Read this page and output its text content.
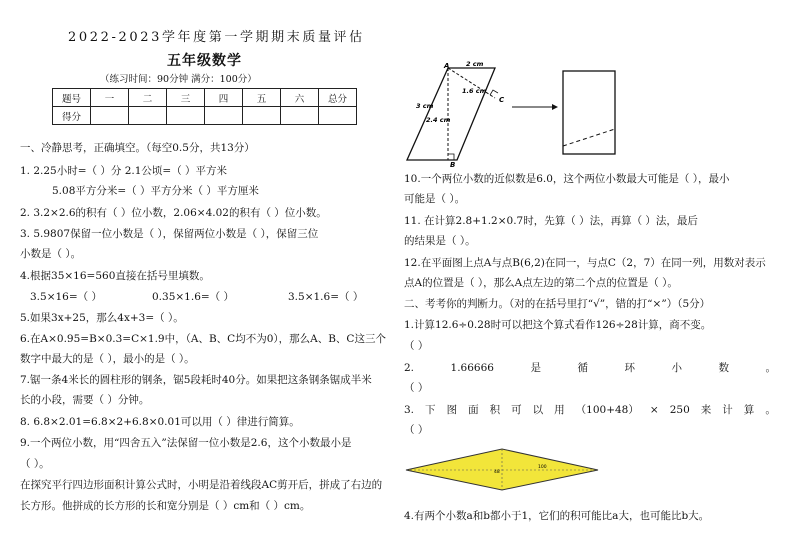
2022-2023学年度第一学期期末质量评估
五年级数学
（练习时间：90分钟 满分：100分）
题号	一	二	三	四	五	六	总分
得分							
一、冷静思考，正确填空。（每空0.5分，共13分）
1. 2.25小时=（ ）分 2.1公顷=（ ）平方米
5.08平方分米=（ ）平方分米（ ）平方厘米
2. 3.2×2.6的积有（ ）位小数，2.06×4.02的积有（ ）位小数。
3. 5.9807保留一位小数是（ ），保留两位小数是（ ），保留三位
小数是（ ）。
4.根据35×16=560直接在括号里填数。
3.5×16=（ ）	0.35×1.6=（ ）	3.5×1.6=（ ）
5.如果3x+25，那么4x+3=（ ）。
6.在A×0.95=B×0.3=C×1.9中，（A、B、C均不为0），那么A、B、C这三个
数字中最大的是（ ），最小的是（ ）。
7.锯一条4米长的圆柱形的钢条，锯5段耗时40分。如果把这条钢条锯成半米
长的小段，需要（ ）分钟。
8. 6.8×2.01=6.8×2+6.8×0.01可以用（ ）律进行简算。
9.一个两位小数，用“四舍五入”法保留一位小数是2.6，这个小数最小是
（ ）。
在探究平行四边形面积计算公式时，小明是沿着线段AC剪开后，拼成了右边的
长方形。他拼成的长方形的长和宽分别是（ ）cm和（ ）cm。
A
B
C
2 cm
3 cm
1.6 cm
2.4 cm
10.一个两位小数的近似数是6.0，这个两位小数最大可能是（ ），最小
可能是（ ）。
11. 在计算2.8+1.2×0.7时，先算（ ）法，再算（ ）法，最后
的结果是（ ）。
12.在平面图上点A与点B(6,2)在同一，与点C（2，7）在同一列，用数对表示
点A的位置是（ ），那么A点左边的第二个点的位置是（ ）。
二、考考你的判断力。（对的在括号里打“√”，错的打“×”）（5分）
1.计算12.6÷0.28时可以把这个算式看作126÷28计算，商不变。
（ ）
2.	1.66666	是	循	环	小	数	。
（ ）
3. 下 图 面 积 可 以 用 （100+48） × 250 来 计 算 。
（ ）
100
48
4.有两个小数a和b都小于1，它们的积可能比a大，也可能比b大。
